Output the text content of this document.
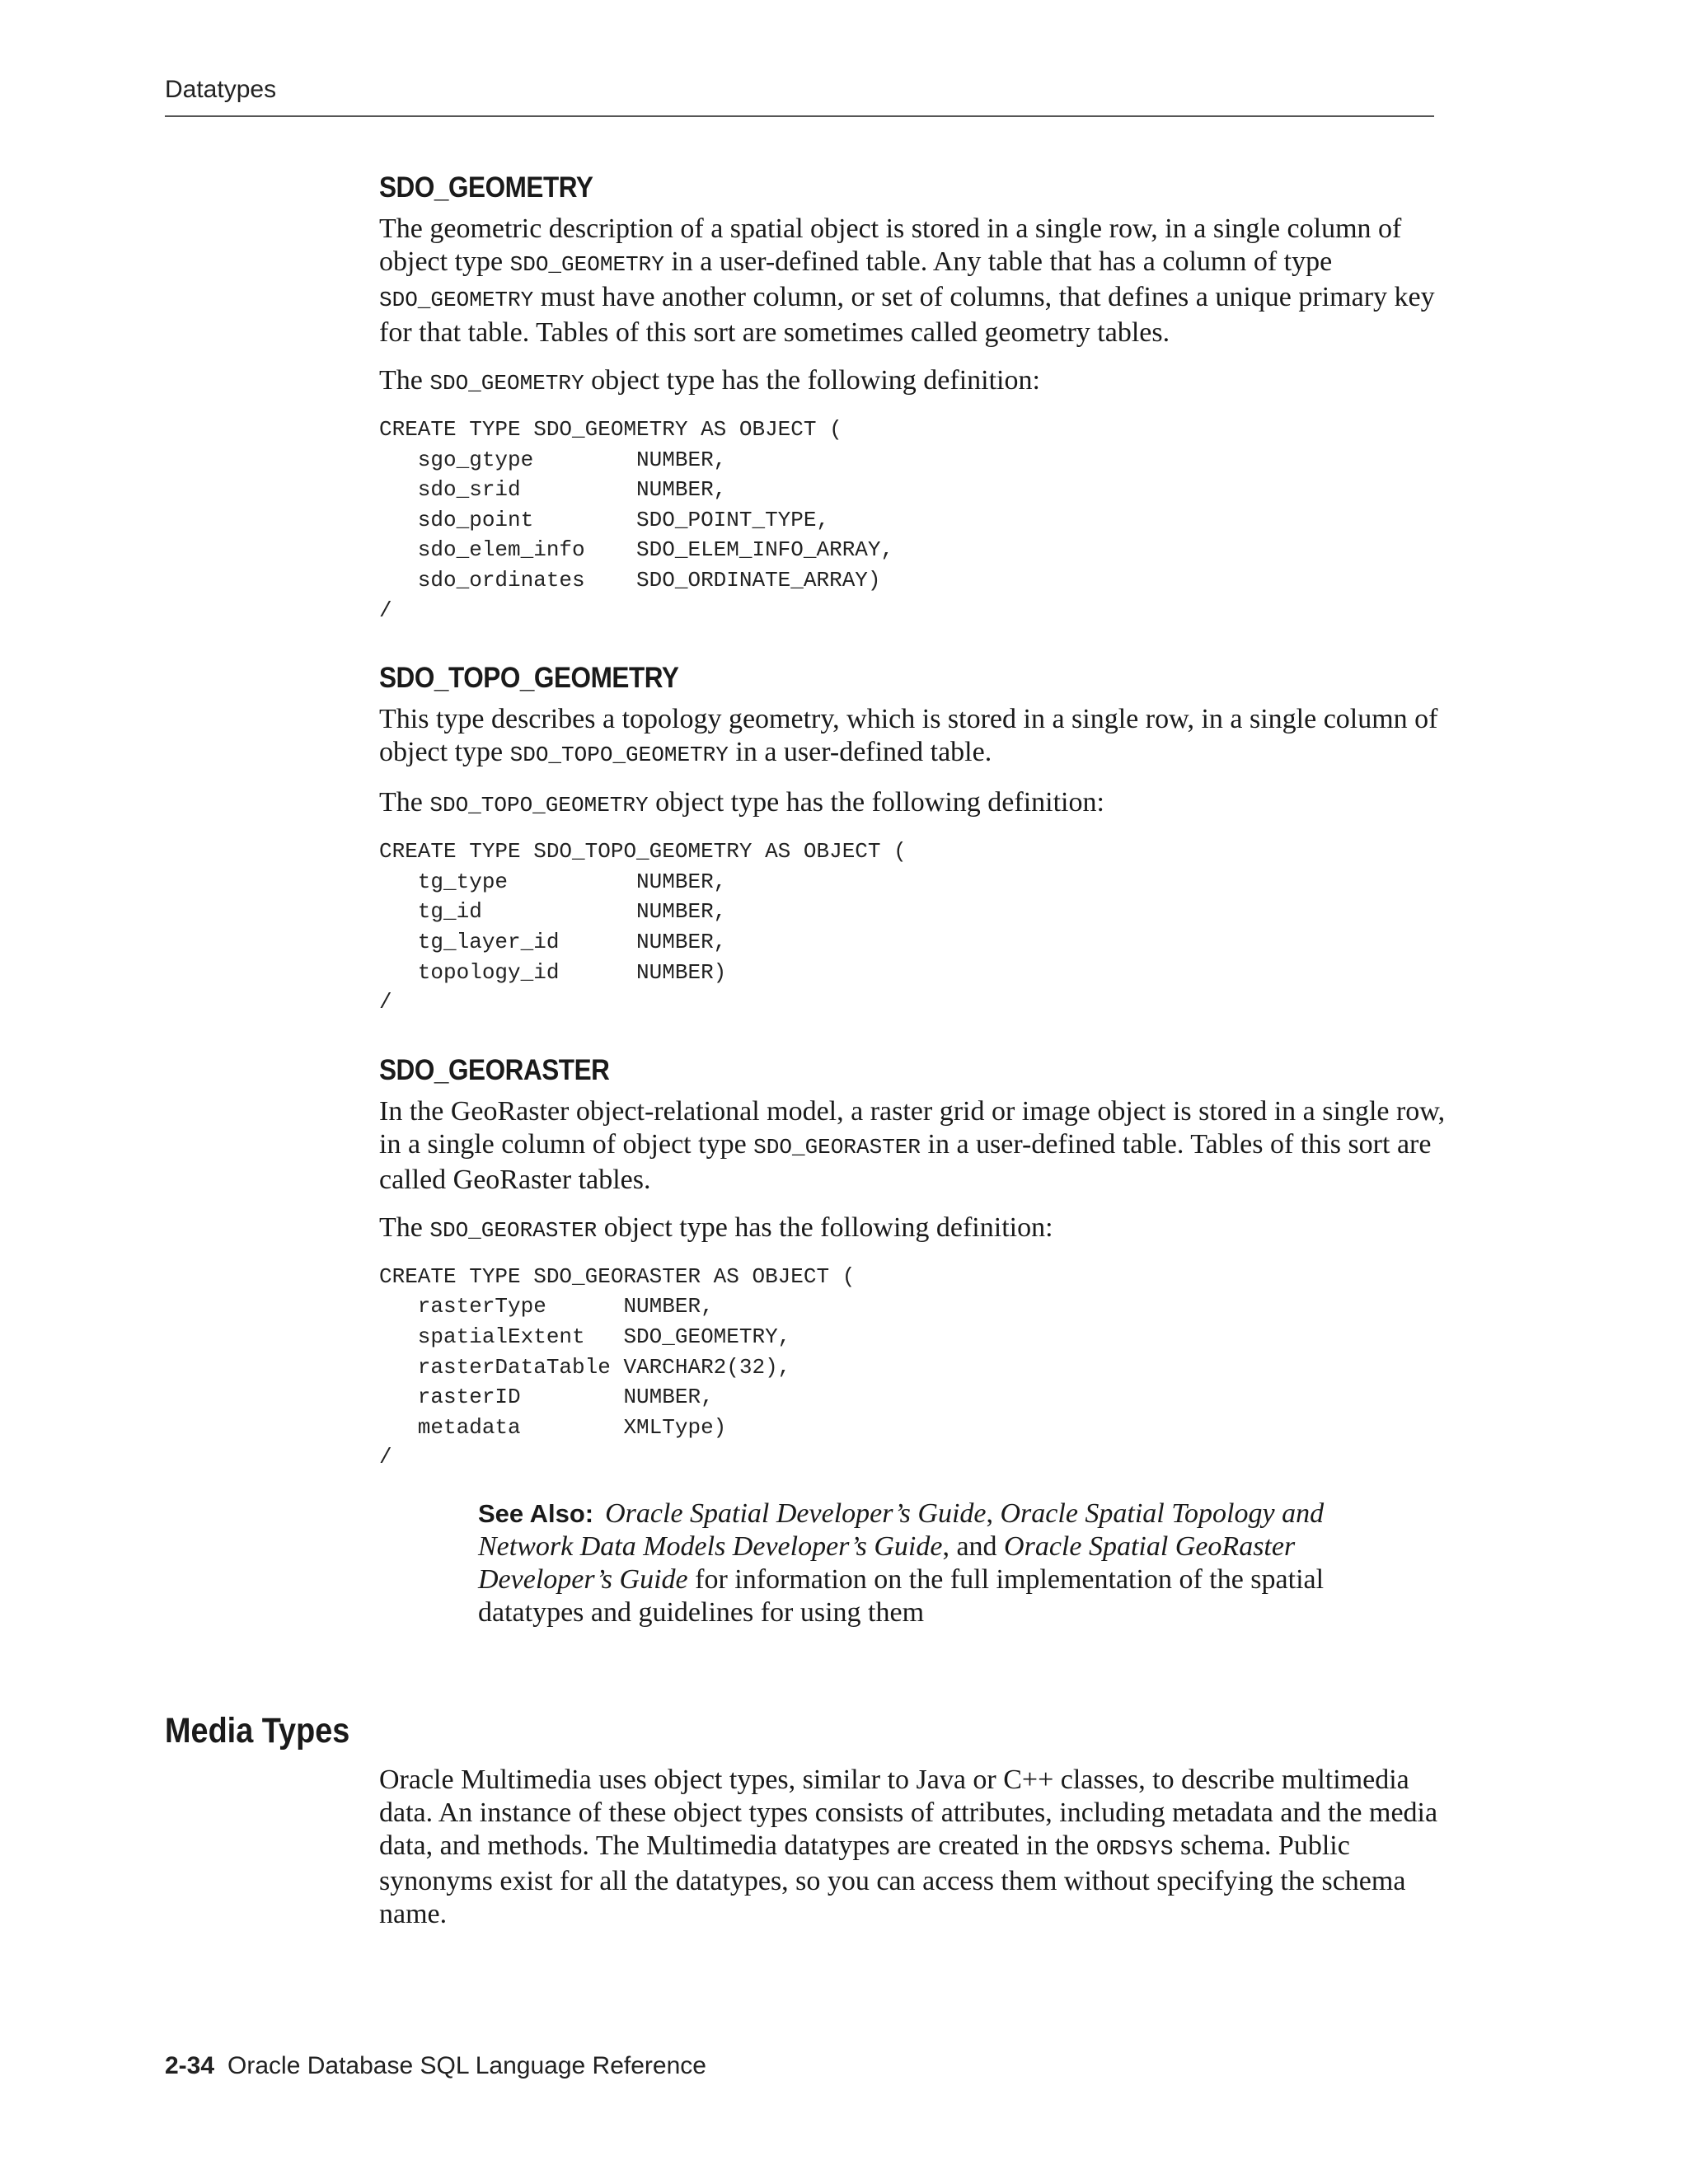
Datatypes
SDO_GEOMETRY

The geometric description of a spatial object is stored in a single row, in a single column of object type SDO_GEOMETRY in a user-defined table. Any table that has a column of type SDO_GEOMETRY must have another column, or set of columns, that defines a unique primary key for that table. Tables of this sort are sometimes called geometry tables.

The SDO_GEOMETRY object type has the following definition:

CREATE TYPE SDO_GEOMETRY AS OBJECT (
sgo_gtype        NUMBER,
sdo_srid         NUMBER,
sdo_point        SDO_POINT_TYPE,
sdo_elem_info    SDO_ELEM_INFO_ARRAY,
sdo_ordinates    SDO_ORDINATE_ARRAY)
/
SDO_TOPO_GEOMETRY

This type describes a topology geometry, which is stored in a single row, in a single column of object type SDO_TOPO_GEOMETRY in a user-defined table.

The SDO_TOPO_GEOMETRY object type has the following definition:

CREATE TYPE SDO_TOPO_GEOMETRY AS OBJECT (
tg_type          NUMBER,
tg_id            NUMBER,
tg_layer_id      NUMBER,
topology_id      NUMBER)
/
SDO_GEORASTER

In the GeoRaster object-relational model, a raster grid or image object is stored in a single row, in a single column of object type SDO_GEORASTER in a user-defined table. Tables of this sort are called GeoRaster tables.

The SDO_GEORASTER object type has the following definition:

CREATE TYPE SDO_GEORASTER AS OBJECT (
rasterType      NUMBER,
spatialExtent   SDO_GEOMETRY,
rasterDataTable VARCHAR2(32),
rasterID        NUMBER,
metadata        XMLType)
/
See Also: Oracle Spatial Developer’s Guide, Oracle Spatial Topology and Network Data Models Developer’s Guide, and Oracle Spatial GeoRaster Developer’s Guide for information on the full implementation of the spatial datatypes and guidelines for using them
Media Types

Oracle Multimedia uses object types, similar to Java or C++ classes, to describe multimedia data. An instance of these object types consists of attributes, including metadata and the media data, and methods. The Multimedia datatypes are created in the ORDSYS schema. Public synonyms exist for all the datatypes, so you can access them without specifying the schema name.

2-34 Oracle Database SQL Language Reference
